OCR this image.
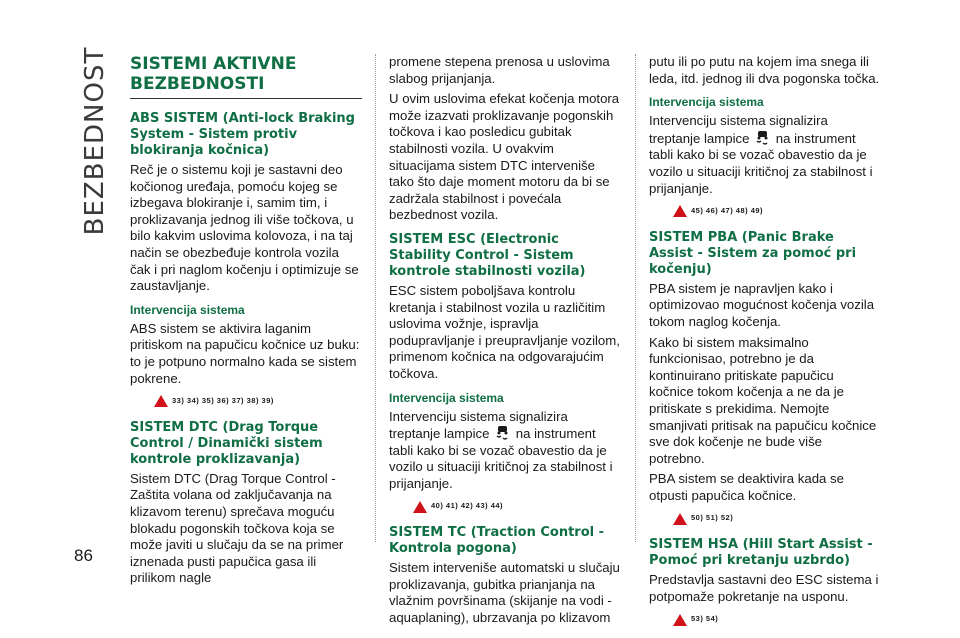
BEZBEDNOST SISTEMI AKTIVNE BEZBEDNOSTI
ABS SISTEM (Anti-lock Braking System - Sistem protiv blokiranja kočnica)

Reč je o sistemu koji je sastavni deo kočionog uređaja, pomoću kojeg se izbegava blokiranje i, samim tim, i proklizavanja jednog ili više točkova, u bilo kakvim uslovima kolovoza, i na taj način se obezbeđuje kontrola vozila čak i pri naglom kočenju i optimizuje se zaustavljanje.

Intervencija sistema

ABS sistem se aktivira laganim pritiskom na papučicu kočnice uz buku: to je potpuno normalno kada se sistem pokrene.

33) 34) 35) 36) 37) 38) 39)
SISTEM DTC (Drag Torque Control / Dinamički sistem kontrole proklizavanja)

Sistem DTC (Drag Torque Control - Zaštita volana od zaključavanja na klizavom terenu) sprečava moguću blokadu pogonskih točkova koja se može javiti u slučaju da se na primer iznenada pusti papučica gasa ili prilikom nagle

promene stepena prenosa u uslovima slabog prijanjanja.

U ovim uslovima efekat kočenja motora može izazvati proklizavanje pogonskih točkova i kao posledicu gubitak stabilnosti vozila. U ovakvim situacijama sistem DTC interveniše tako što daje moment motoru da bi se zadržala stabilnost i povećala bezbednost vozila.

SISTEM ESC (Electronic Stability Control - Sistem kontrole stabilnosti vozila)

ESC sistem poboljšava kontrolu kretanja i stabilnost vozila u različitim uslovima vožnje, ispravlja podupravljanje i preupravljanje vozilom, primenom kočnica na odgovarajućim točkova.

Intervencija sistema

Intervenciju sistema signalizira treptanje lampice na instrument tabli kako bi se vozač obavestio da je vozilo u situaciji kritičnoj za stabilnost i prijanjanje.

40) 41) 42) 43) 44)
SISTEM TC (Traction Control - Kontrola pogona)

Sistem interveniše automatski u slučaju proklizavanja, gubitka prianjanja na vlažnim površinama (skijanje na vodi - aquaplaning), ubrzavanja po klizavom

putu ili po putu na kojem ima snega ili leda, itd. jednog ili dva pogonska točka.

Intervencija sistema

Intervenciju sistema signalizira treptanje lampice na instrument tabli kako bi se vozač obavestio da je vozilo u situaciji kritičnoj za stabilnost i prijanjanje.

45) 46) 47) 48) 49)
SISTEM PBA (Panic Brake Assist - Sistem za pomoć pri kočenju)

PBA sistem je napravljen kako i optimizovao mogućnost kočenja vozila tokom naglog kočenja.

Kako bi sistem maksimalno funkcionisao, potrebno je da kontinuirano pritiskate papučicu kočnice tokom kočenja a ne da je pritiskate s prekidima. Nemojte smanjivati pritisak na papučicu kočnice sve dok kočenje ne bude više potrebno.

PBA sistem se deaktivira kada se otpusti papučica kočnice.

50) 51) 52)
SISTEM HSA (Hill Start Assist - Pomoć pri kretanju uzbrdo)

Predstavlja sastavni deo ESC sistema i potpomaže pokretanje na usponu.

53) 54)
86
